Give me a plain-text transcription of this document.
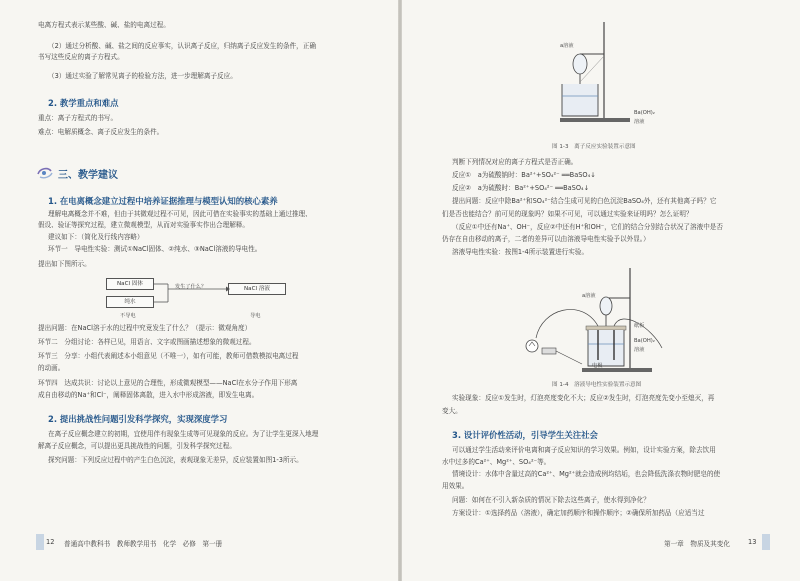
电离方程式表示某些酸、碱、盐的电离过程。
（2）通过分析酸、碱、盐之间的反应事实，认识离子反应，归纳离子反应发生的条件，正确
书写这些反应的离子方程式。
（3）通过实验了解常见离子的检验方法，进一步理解离子反应。
2. 教学重点和难点
重点：离子方程式的书写。
难点：电解质概念、离子反应发生的条件。
三、教学建议
1. 在电离概念建立过程中培养证据推理与模型认知的核心素养
理解电离概念并不难，但由于其微观过程不可见，因此可借在实验事实的基础上通过推理、
假设、验证等探究过程，建立微观模型，从而对实验事实作出合理解释。
建议如下：（简化及行线内容略）
环节一　导电性实验：测试①NaCl固体、②纯水、③NaCl溶液的导电性。
提出如下图所示。
NaCl 固体
纯水
NaCl 溶液
发生了什么？
不导电	导电
提出问题：在NaCl溶于水的过程中究竟发生了什么？（提示：微观角度）
环节二　分组讨论：各样已见，用语言、文字或图画描述想象的微观过程。
环节三　分享：小组代表阐述本小组意见（不唯一），如有可能，教师可借数模拟电离过程
的动画。
环节四　达成共识：讨论以上意见的合理性，形成微观模型——NaCl在水分子作用下形离
成自由移动的Na⁺和Cl⁻，阐释固体离散，进入水中形成溶液，即发生电离。
2. 提出挑战性问题引发科学探究，实现深度学习
在离子反应概念建立的初期，宜使用伴有现象生成等可见现象的反应。为了让学生更深入地理
解离子反应概念，可以提出更具挑战性的问题，引发科学探究过程。
探究问题：下列反应过程中的产生白色沉淀，表观现象无差异，反应装置如图1-3所示。
12 普通高中教科书　教师教学用书　化学　必修　第一册
a溶液
Ba(OH)₂
溶液
图 1-3　离子反应实验装置示意图
判断下列情况对应的离子方程式是否正确。
反应①　a为硫酸钠时：Ba²⁺+SO₄²⁻ ══BaSO₄↓
反应②　a为硫酸时：Ba²⁺+SO₄²⁻ ══BaSO₄↓
提出问题：反应中除Ba²⁺和SO₄²⁻结合生成可见的白色沉淀BaSO₄外，还有其他离子吗？它
们是否也能结合？前可见的现象吗？如果不可见，可以通过实验来证明吗？怎么证明？
（反应①中还有Na⁺、OH⁻，反应②中还有H⁺和OH⁻，它们的结合分别结合状况了溶液中是否
仍存在自由移动的离子，二者的差异可以由溶液导电性实验予以外显。）
溶液导电性实验：按图1-4所示装置进行实验。
a溶液
纸板
Ba(OH)₂
溶液
电极
图 1-4　溶液导电性实验装置示意图
实验现象：反应①发生时，灯泡亮度变化不大；反应②发生时，灯泡亮度先变小至熄灭，再
变大。
3. 设计评价性活动，引导学生关注社会
可以通过学生活动来评价电离和离子反应知识的学习效果。例如，设计实验方案，除去饮用
水中过多的Ca²⁺、Mg²⁺、SO₄²⁻等。
情境设计：水体中含量过高的Ca²⁺、Mg²⁺就会造成例均结垢，也会降低洗涤衣物时肥皂的使
用效果。
问题：如何在不引入新杂质的情况下除去这些离子，使水得到净化？
方案设计：①选择药品（溶液），确定加药顺序和操作顺序；②确保所加药品（应适当过
第一章　物质及其变化	13
